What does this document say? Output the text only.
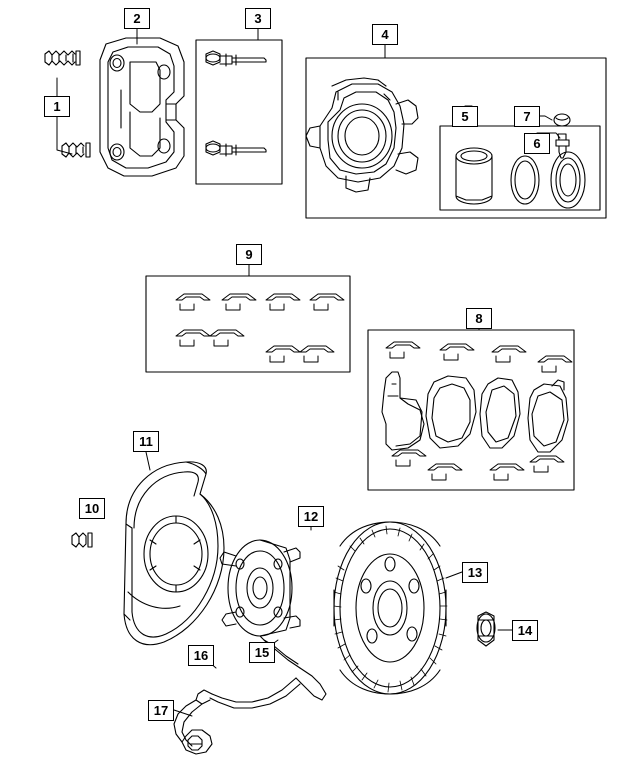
1
2	3
4
5
6
7
8
9
10
11
12
13
14
15
16
17
